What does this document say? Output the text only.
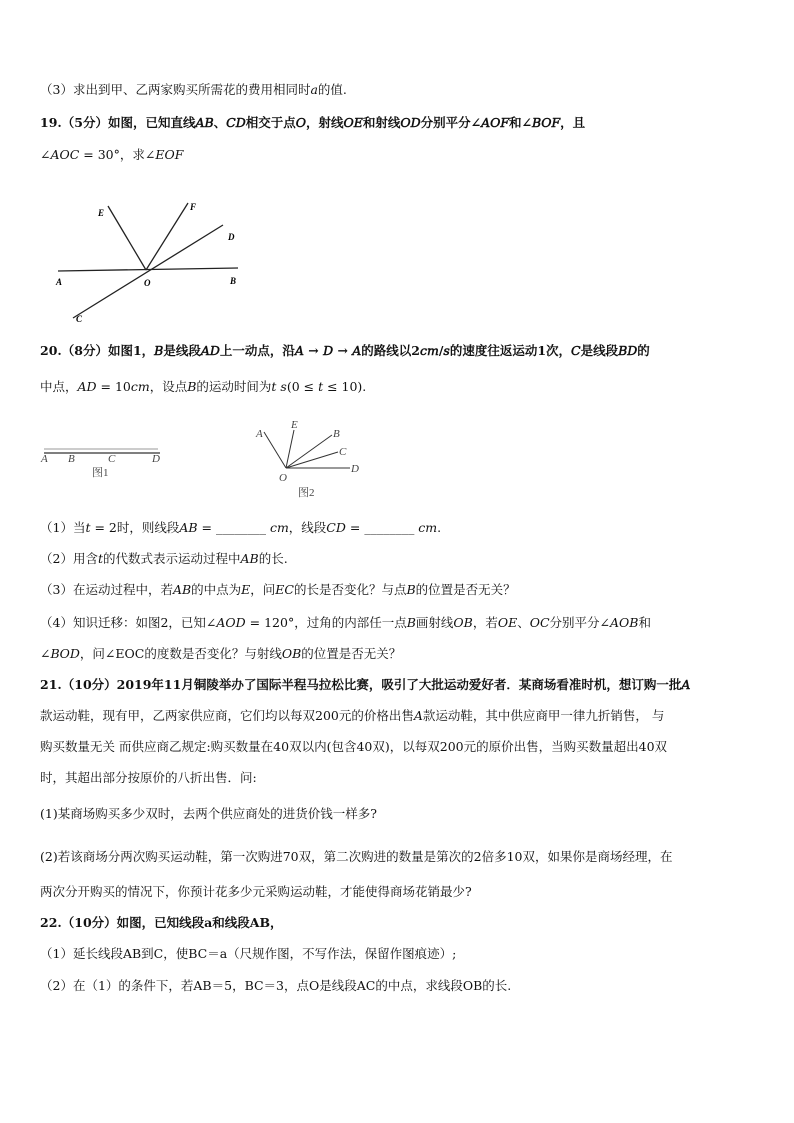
（3）求出到甲、乙两家购买所需花的费用相同时𝑎的值.
19.（5分）如图，已知直线𝐴𝐵、𝐶𝐷相交于点𝑂，射线𝑂𝐸和射线𝑂𝐷分别平分∠𝐴𝑂𝐹和∠𝐵𝑂𝐹，且
∠𝐴𝑂𝐶 = 30°，求∠𝐸𝑂𝐹
E
F
D
A	O	B
C
20.（8分）如图1，𝐵是线段𝐴𝐷上一动点，沿𝐴 → 𝐷 → 𝐴的路线以2𝑐𝑚/𝑠的速度往返运动1次，𝐶是线段𝐵𝐷的
中点，𝐴𝐷 = 10𝑐𝑚，设点𝐵的运动时间为𝑡 𝑠(0 ≤ 𝑡 ≤ 10).
A B	C	D
图1
A
E
B
C
D
O
图2
（1）当𝑡 = 2时，则线段𝐴𝐵 = ________ 𝑐𝑚，线段𝐶𝐷 = ________ 𝑐𝑚.
（2）用含𝑡的代数式表示运动过程中𝐴𝐵的长.
（3）在运动过程中，若𝐴𝐵的中点为𝐸，问𝐸𝐶的长是否变化？与点𝐵的位置是否无关？
（4）知识迁移：如图2，已知∠𝐴𝑂𝐷 = 120°，过角的内部任一点𝐵画射线𝑂𝐵，若𝑂𝐸、𝑂𝐶分别平分∠𝐴𝑂𝐵和
∠𝐵𝑂𝐷，问∠EOC的度数是否变化？与射线𝑂𝐵的位置是否无关？
21.（10分）2019年11月铜陵举办了国际半程马拉松比赛，吸引了大批运动爱好者．某商场看准时机，想订购一批𝐴
款运动鞋，现有甲，乙两家供应商，它们均以每双200元的价格出售𝐴款运动鞋，其中供应商甲一律九折销售， 与
购买数量无关 而供应商乙规定:购买数量在40双以内(包含40双)，以每双200元的原价出售，当购买数量超出40双
时，其超出部分按原价的八折出售．问:
(1)某商场购买多少双时，去两个供应商处的进货价钱一样多?
(2)若该商场分两次购买运动鞋，第一次购进70双，第二次购进的数量是第次的2倍多10双，如果你是商场经理，在
两次分开购买的情况下，你预计花多少元采购运动鞋，才能使得商场花销最少?
22.（10分）如图，已知线段a和线段AB，
（1）延长线段AB到C，使BC＝a（尺规作图，不写作法，保留作图痕迹）;
（2）在（1）的条件下，若AB＝5，BC＝3，点O是线段AC的中点，求线段OB的长.
